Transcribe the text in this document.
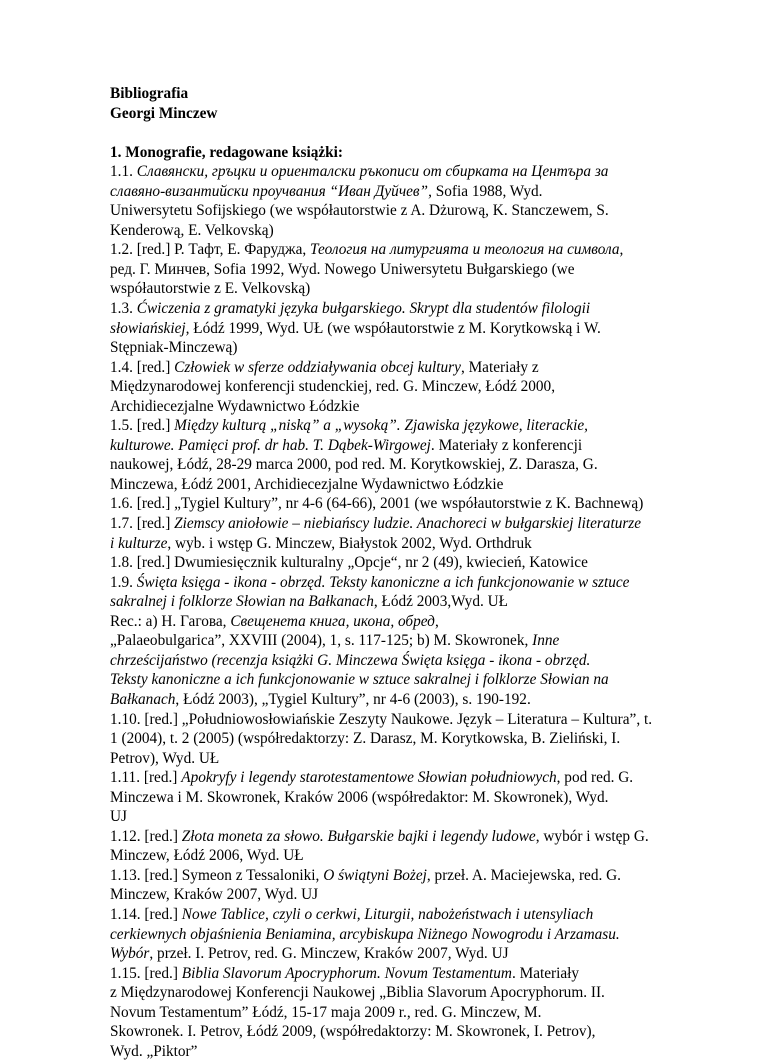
Bibliografia
Georgi Minczew
1. Monografie, redagowane książki:
1.1. Славянски, гръцки и ориенталски ръкописи от сбирката на Центъра за
славяно-византийски проучвания “Иван Дуйчев”, Sofia 1988, Wyd.
Uniwersytetu Sofijskiego (we współautorstwie z A. Dżurową, K. Stanczewem, S.
Kenderową, E. Velkovską)
1.2. [red.] Р. Тафт, Е. Фаруджа, Теология на литургията и теология на символа,
ред. Г. Минчев, Sofia 1992, Wyd. Nowego Uniwersytetu Bułgarskiego (we
współautorstwie z E. Velkovską)
1.3. Ćwiczenia z gramatyki języka bułgarskiego. Skrypt dla studentów filologii
słowiańskiej, Łódź 1999, Wyd. UŁ (we współautorstwie z M. Korytkowską i W.
Stępniak-Minczewą)
1.4. [red.] Człowiek w sferze oddziaływania obcej kultury, Materiały z
Międzynarodowej konferencji studenckiej, red. G. Minczew, Łódź 2000,
Archidiecezjalne Wydawnictwo Łódzkie
1.5. [red.] Między kulturą „niską” a „wysoką”. Zjawiska językowe, literackie,
kulturowe. Pamięci prof. dr hab. T. Dąbek-Wirgowej. Materiały z konferencji
naukowej, Łódź, 28-29 marca 2000, pod red. M. Korytkowskiej, Z. Darasza, G.
Minczewa, Łódź 2001, Archidiecezjalne Wydawnictwo Łódzkie
1.6. [red.] „Tygiel Kultury”, nr 4-6 (64-66), 2001 (we współautorstwie z K. Bachnewą)
1.7. [red.] Ziemscy aniołowie – niebiańscy ludzie. Anachoreci w bułgarskiej literaturze
i kulturze, wyb. i wstęp G. Minczew, Białystok 2002, Wyd. Orthdruk
1.8. [red.] Dwumiesięcznik kulturalny „Opcje“, nr 2 (49), kwiecień, Katowice
1.9. Święta księga - ikona - obrzęd. Teksty kanoniczne a ich funkcjonowanie w sztuce
sakralnej i folklorze Słowian na Bałkanach, Łódź 2003,Wyd. UŁ
Rec.: a) Н. Гагова, Свещенета книга, икона, обред,
„Palaeobulgarica”, XXVIII (2004), 1, s. 117-125; b) M. Skowronek, Inne
chrześcijaństwo (recenzja książki G. Minczewa Święta księga - ikona - obrzęd.
Teksty kanoniczne a ich funkcjonowanie w sztuce sakralnej i folklorze Słowian na
Bałkanach, Łódź 2003), „Tygiel Kultury”, nr 4-6 (2003), s. 190-192.
1.10. [red.] „Południowosłowiańskie Zeszyty Naukowe. Język – Literatura – Kultura”, t.
1 (2004), t. 2 (2005) (współredaktorzy: Z. Darasz, M. Korytkowska, B. Zieliński, I.
Petrov), Wyd. UŁ
1.11. [red.] Apokryfy i legendy starotestamentowe Słowian południowych, pod red. G.
Minczewa i M. Skowronek, Kraków 2006 (współredaktor: M. Skowronek), Wyd.
UJ
1.12. [red.] Złota moneta za słowo. Bułgarskie bajki i legendy ludowe, wybór i wstęp G.
Minczew, Łódź 2006, Wyd. UŁ
1.13. [red.] Symeon z Tessaloniki, O świątyni Bożej, przeł. A. Maciejewska, red. G.
Minczew, Kraków 2007, Wyd. UJ
1.14. [red.] Nowe Tablice, czyli o cerkwi, Liturgii, nabożeństwach i utensyliach
cerkiewnych objaśnienia Beniamina, arcybiskupa Niżnego Nowogrodu i Arzamasu.
Wybór, przeł. I. Petrov, red. G. Minczew, Kraków 2007, Wyd. UJ
1.15. [red.] Biblia Slavorum Apocryphorum. Novum Testamentum. Materiały
z Międzynarodowej Konferencji Naukowej „Biblia Slavorum Apocryphorum. II.
Novum Testamentum” Łódź, 15-17 maja 2009 r., red. G. Minczew, M.
Skowronek. I. Petrov, Łódź 2009, (współredaktorzy: M. Skowronek, I. Petrov),
Wyd. „Piktor”
